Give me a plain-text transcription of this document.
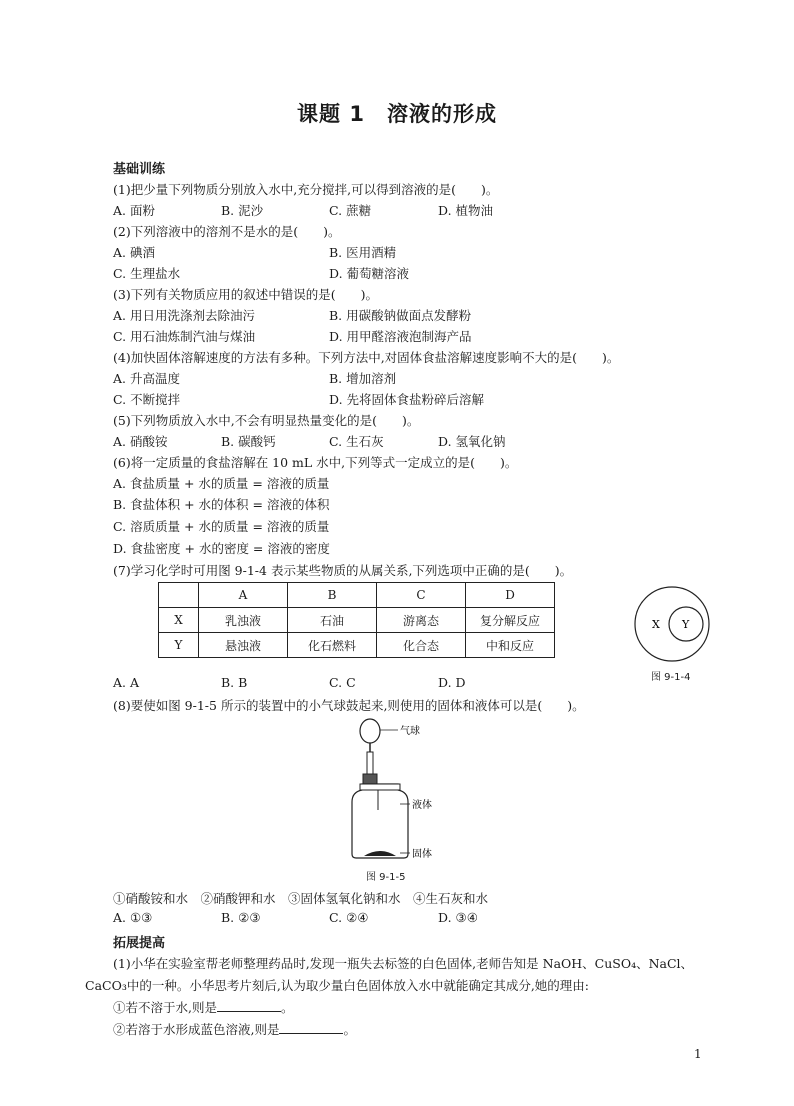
课题 1　溶液的形成
基础训练
(1)把少量下列物质分别放入水中,充分搅拌,可以得到溶液的是(　　)。
A. 面粉	B. 泥沙	C. 蔗糖	D. 植物油
(2)下列溶液中的溶剂不是水的是(　　)。
A. 碘酒	B. 医用酒精
C. 生理盐水	D. 葡萄糖溶液
(3)下列有关物质应用的叙述中错误的是(　　)。
A. 用日用洗涤剂去除油污	B. 用碳酸钠做面点发酵粉
C. 用石油炼制汽油与煤油	D. 用甲醛溶液泡制海产品
(4)加快固体溶解速度的方法有多种。下列方法中,对固体食盐溶解速度影响不大的是(　　)。
A. 升高温度	B. 增加溶剂
C. 不断搅拌	D. 先将固体食盐粉碎后溶解
(5)下列物质放入水中,不会有明显热量变化的是(　　)。
A. 硝酸铵	B. 碳酸钙	C. 生石灰	D. 氢氧化钠
(6)将一定质量的食盐溶解在 10 mL 水中,下列等式一定成立的是(　　)。
A. 食盐质量 + 水的质量 = 溶液的质量
B. 食盐体积 + 水的体积 = 溶液的体积
C. 溶质质量 + 水的质量 = 溶液的质量
D. 食盐密度 + 水的密度 = 溶液的密度
(7)学习化学时可用图 9-1-4 表示某些物质的从属关系,下列选项中正确的是(　　)。
	A	B	C	D
X	乳浊液	石油	游离态	复分解反应
Y	悬浊液	化石燃料	化合态	中和反应
X Y
图 9-1-4
A. A	B. B	C. C	D. D
(8)要使如图 9-1-5 所示的装置中的小气球鼓起来,则使用的固体和液体可以是(　　)。
气球
液体
固体
图 9-1-5
①硝酸铵和水　②硝酸钾和水　③固体氢氧化钠和水　④生石灰和水
A. ①③	B. ②③	C. ②④	D. ③④
拓展提高
(1)小华在实验室帮老师整理药品时,发现一瓶失去标签的白色固体,老师告知是 NaOH、CuSO₄、NaCl、
CaCO₃中的一种。小华思考片刻后,认为取少量白色固体放入水中就能确定其成分,她的理由:
①若不溶于水,则是	。
②若溶于水形成蓝色溶液,则是	。
1
